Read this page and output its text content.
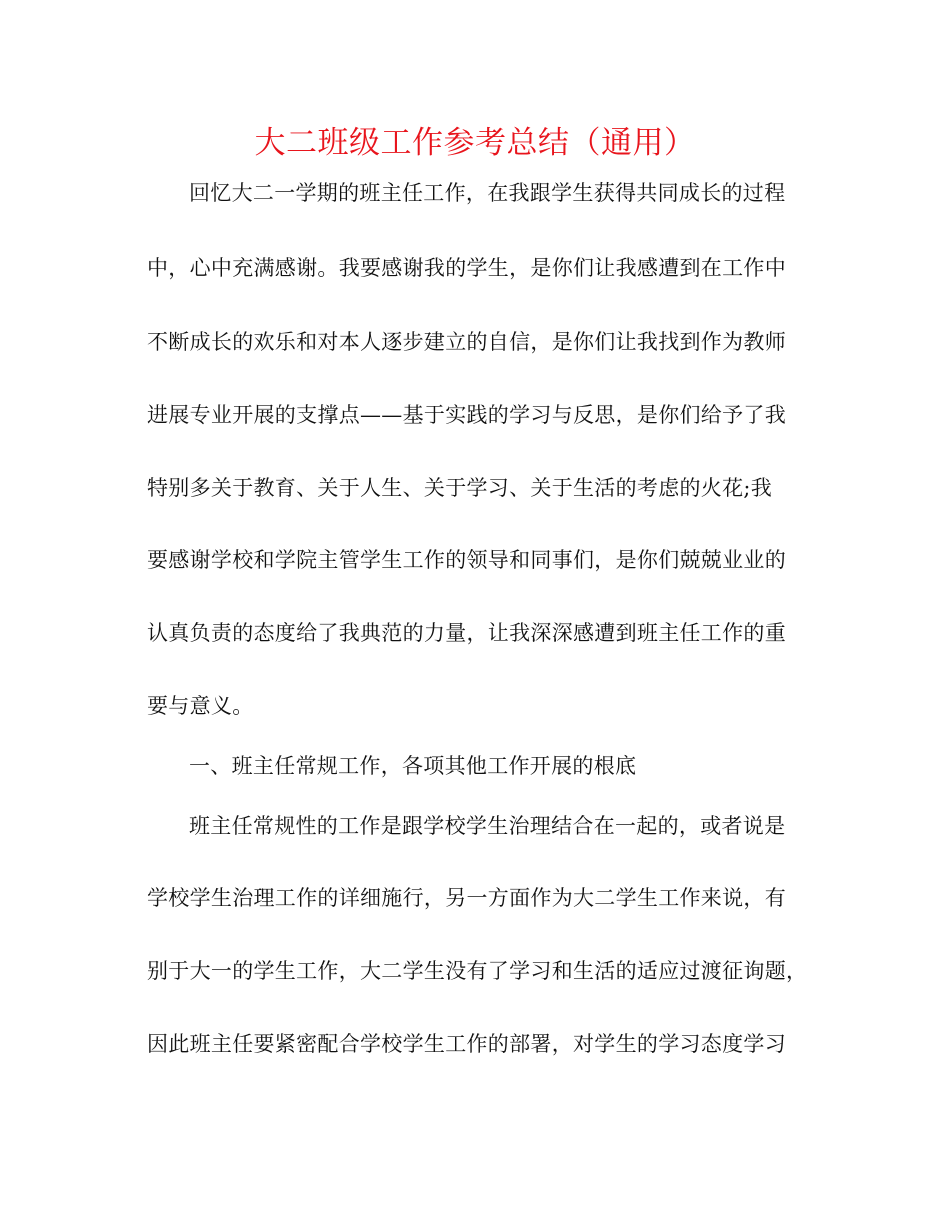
大二班级工作参考总结（通用）
回忆大二一学期的班主任工作，在我跟学生获得共同成长的过程
中，心中充满感谢。我要感谢我的学生，是你们让我感遭到在工作中
不断成长的欢乐和对本人逐步建立的自信，是你们让我找到作为教师
进展专业开展的支撑点——基于实践的学习与反思，是你们给予了我
特别多关于教育、关于人生、关于学习、关于生活的考虑的火花;我
要感谢学校和学院主管学生工作的领导和同事们，是你们兢兢业业的
认真负责的态度给了我典范的力量，让我深深感遭到班主任工作的重
要与意义。
一、班主任常规工作，各项其他工作开展的根底
班主任常规性的工作是跟学校学生治理结合在一起的，或者说是
学校学生治理工作的详细施行，另一方面作为大二学生工作来说，有
别于大一的学生工作，大二学生没有了学习和生活的适应过渡征询题，
因此班主任要紧密配合学校学生工作的部署，对学生的学习态度学习
